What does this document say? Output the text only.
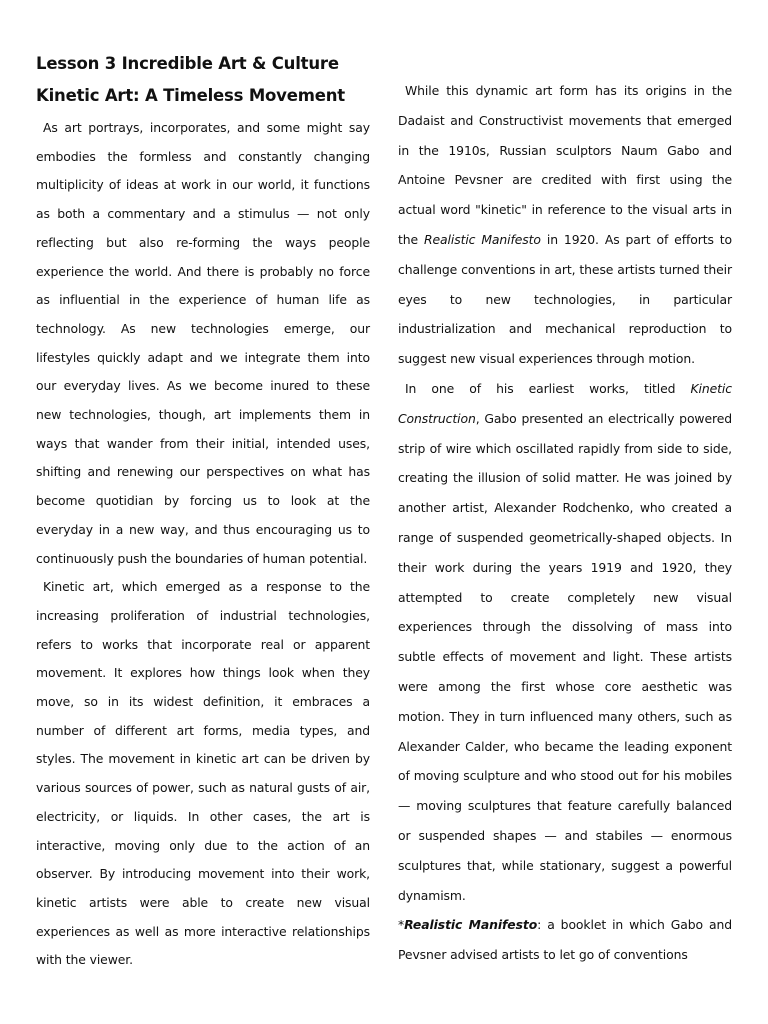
Lesson 3 Incredible Art & Culture
Kinetic Art: A Timeless Movement

As art portrays, incorporates, and some might say embodies the formless and constantly changing multiplicity of ideas at work in our world, it functions as both a commentary and a stimulus — not only reflecting but also re-forming the ways people experience the world. And there is probably no force as influential in the experience of human life as technology. As new technologies emerge, our lifestyles quickly adapt and we integrate them into our everyday lives. As we become inured to these new technologies, though, art implements them in ways that wander from their initial, intended uses, shifting and renewing our perspectives on what has become quotidian by forcing us to look at the everyday in a new way, and thus encouraging us to continuously push the boundaries of human potential.

Kinetic art, which emerged as a response to the increasing proliferation of industrial technologies, refers to works that incorporate real or apparent movement. It explores how things look when they move, so in its widest definition, it embraces a number of different art forms, media types, and styles. The movement in kinetic art can be driven by various sources of power, such as natural gusts of air, electricity, or liquids. In other cases, the art is interactive, moving only due to the action of an observer. By introducing movement into their work, kinetic artists were able to create new visual experiences as well as more interactive relationships with the viewer.

While this dynamic art form has its origins in the Dadaist and Constructivist movements that emerged in the 1910s, Russian sculptors Naum Gabo and Antoine Pevsner are credited with first using the actual word "kinetic" in reference to the visual arts in the Realistic Manifesto in 1920. As part of efforts to challenge conventions in art, these artists turned their eyes to new technologies, in particular industrialization and mechanical reproduction to suggest new visual experiences through motion.

In one of his earliest works, titled Kinetic Construction, Gabo presented an electrically powered strip of wire which oscillated rapidly from side to side, creating the illusion of solid matter. He was joined by another artist, Alexander Rodchenko, who created a range of suspended geometrically-shaped objects. In their work during the years 1919 and 1920, they attempted to create completely new visual experiences through the dissolving of mass into subtle effects of movement and light. These artists were among the first whose core aesthetic was motion. They in turn influenced many others, such as Alexander Calder, who became the leading exponent of moving sculpture and who stood out for his mobiles — moving sculptures that feature carefully balanced or suspended shapes — and stabiles — enormous sculptures that, while stationary, suggest a powerful dynamism.

*Realistic Manifesto: a booklet in which Gabo and Pevsner advised artists to let go of conventions
